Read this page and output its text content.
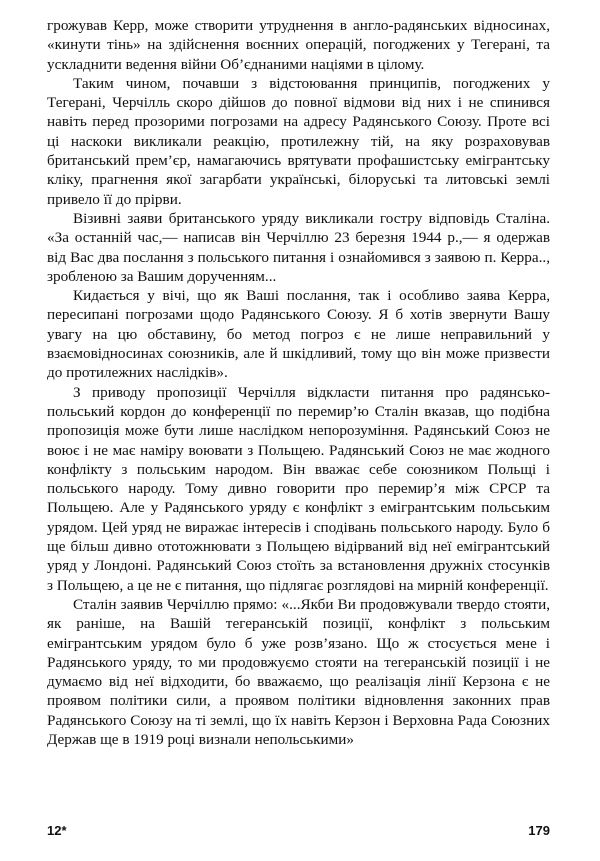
грожував Керр, може створити утруднення в англо-радянських відносинах, «кинути тінь» на здійснення воєнних операцій, погоджених у Тегерані, та ускладнити ведення війни Об’єднаними націями в цілому.

Таким чином, почавши з відстоювання принципів, погоджених у Тегерані, Черчілль скоро дійшов до повної відмови від них і не спинився навіть перед прозорими погрозами на адресу Радянського Союзу. Проте всі ці наскоки викликали реакцію, протилежну тій, на яку розраховував британський прем’єр, намагаючись врятувати профашистську емігрантську кліку, прагнення якої загарбати українські, білоруські та литовські землі привело її до прірви.

Візивні заяви британського уряду викликали гостру відповідь Сталіна. «За останній час,— написав він Черчіллю 23 березня 1944 р.,— я одержав від Вас два послання з польського питання і ознайомився з заявою п. Керра.., зробленою за Вашим дорученням...

Кидається у вічі, що як Ваші послання, так і особливо заява Керра, пересипані погрозами щодо Радянського Союзу. Я б хотів звернути Вашу увагу на цю обставину, бо метод погроз є не лише неправильний у взаємовідносинах союзників, але й шкідливий, тому що він може призвести до протилежних наслідків».

З приводу пропозиції Черчілля відкласти питання про радянсько-польський кордон до конференції по перемир’ю Сталін вказав, що подібна пропозиція може бути лише наслідком непорозуміння. Радянський Союз не воює і не має наміру воювати з Польщею. Радянський Союз не має жодного конфлікту з польським народом. Він вважає себе союзником Польщі і польського народу. Тому дивно говорити про перемир’я між СРСР та Польщею. Але у Радянського уряду є конфлікт з емігрантським польським урядом. Цей уряд не виражає інтересів і сподівань польського народу. Було б ще більш дивно ототожнювати з Польщею відірваний від неї емігрантський уряд у Лондоні. Радянський Союз стоїть за встановлення дружніх стосунків з Польщею, а це не є питання, що підлягає розглядові на мирній конференції.

Сталін заявив Черчіллю прямо: «...Якби Ви продовжували твердо стояти, як раніше, на Вашій тегеранській позиції, конфлікт з польським емігрантським урядом було б уже розв’язано. Що ж стосується мене і Радянського уряду, то ми продовжуємо стояти на тегеранській позиції і не думаємо від неї відходити, бо вважаємо, що реалізація лінії Керзона є не проявом політики сили, а проявом політики відновлення законних прав Радянського Союзу на ті землі, що їх навіть Керзон і Верховна Рада Союзних Держав ще в 1919 році визнали непольськими»

12*	179
